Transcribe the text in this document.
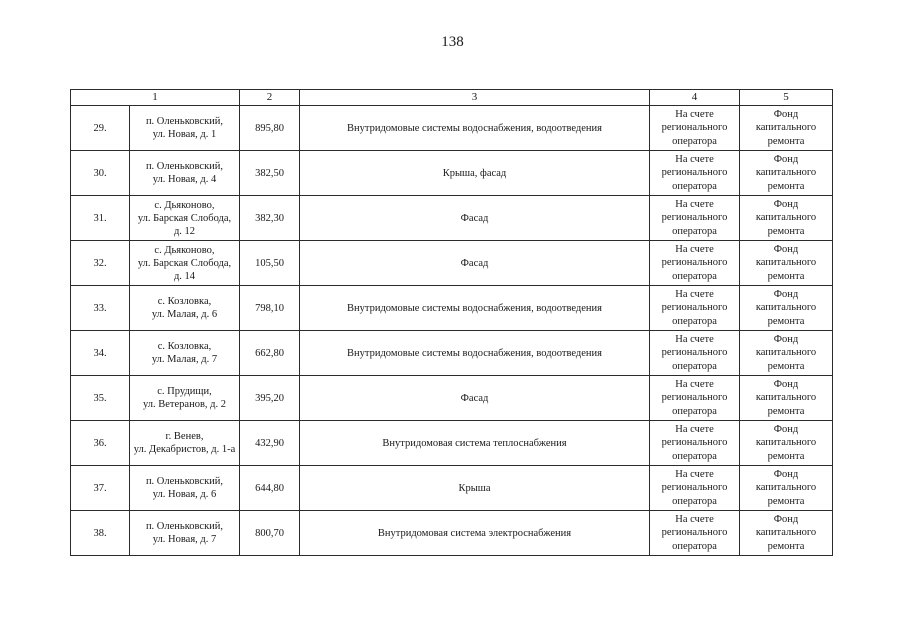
138
1		2	3	4	5
29.	п. Оленьковский,
ул. Новая, д. 1	895,80	Внутридомовые системы водоснабжения, водоотведения	На счете
регионального
оператора	Фонд
капитального
ремонта

30.	п. Оленьковский,
ул. Новая, д. 4	382,50	Крыша, фасад	На счете
регионального
оператора	Фонд
капитального
ремонта

31.	с. Дьяконово,
ул. Барская Слобода,
д. 12	382,30	Фасад	На счете
регионального
оператора	Фонд
капитального
ремонта

32.	с. Дьяконово,
ул. Барская Слобода,
д. 14	105,50	Фасад	На счете
регионального
оператора	Фонд
капитального
ремонта

33.	с. Козловка,
ул. Малая, д. 6	798,10	Внутридомовые системы водоснабжения, водоотведения	На счете
регионального
оператора	Фонд
капитального
ремонта

34.	с. Козловка,
ул. Малая, д. 7	662,80	Внутридомовые системы водоснабжения, водоотведения	На счете
регионального
оператора	Фонд
капитального
ремонта

35.	с. Прудищи,
ул. Ветеранов, д. 2	395,20	Фасад	На счете
регионального
оператора	Фонд
капитального
ремонта

36.	г. Венев,
ул. Декабристов, д. 1-а	432,90	Внутридомовая система теплоснабжения	На счете
регионального
оператора	Фонд
капитального
ремонта

37.	п. Оленьковский,
ул. Новая, д. 6	644,80	Крыша	На счете
регионального
оператора	Фонд
капитального
ремонта

38.	п. Оленьковский,
ул. Новая, д. 7	800,70	Внутридомовая система электроснабжения	На счете
регионального
оператора	Фонд
капитального
ремонта
